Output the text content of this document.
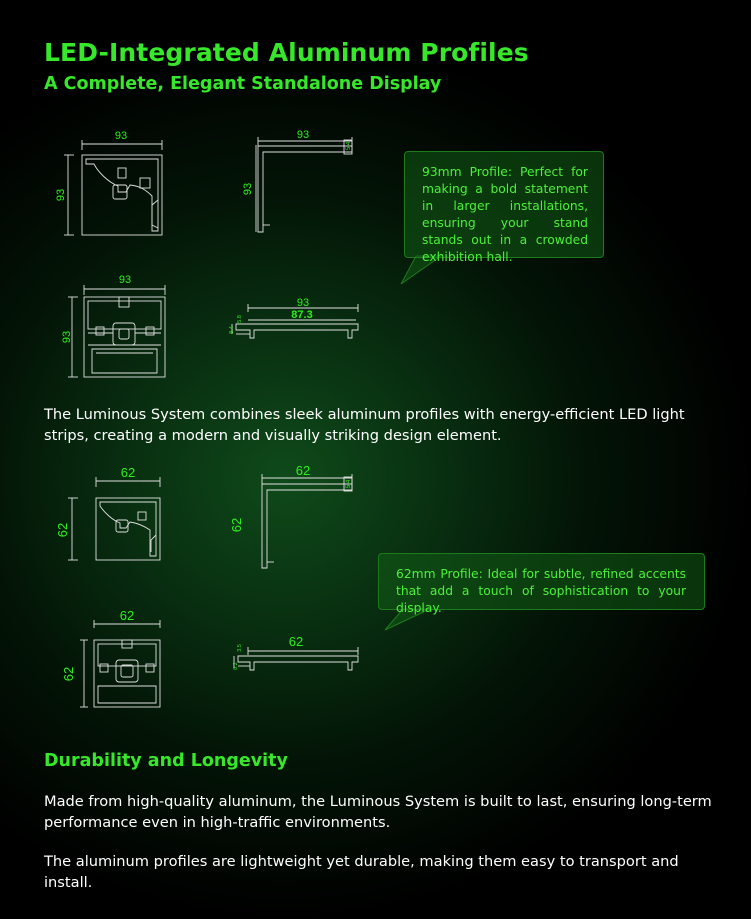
LED-Integrated Aluminum Profiles
A Complete, Elegant Standalone Display
93
93
93
93
5.4
93
93
93
87.3
8.4
5.8
62
62
62
62
5.4
62
62
62
8.2
3.5
93mm Profile: Perfect for making a bold statement in larger installations, ensuring your stand stands out in a crowded exhibition hall.
62mm Profile: Ideal for subtle, refined accents that add a touch of sophistication to your display.

The Luminous System combines sleek aluminum profiles with energy-efficient LED light strips, creating a modern and visually striking design element.

Durability and Longevity

Made from high-quality aluminum, the Luminous System is built to last, ensuring long-term performance even in high-traffic environments.

The aluminum profiles are lightweight yet durable, making them easy to transport and install.
